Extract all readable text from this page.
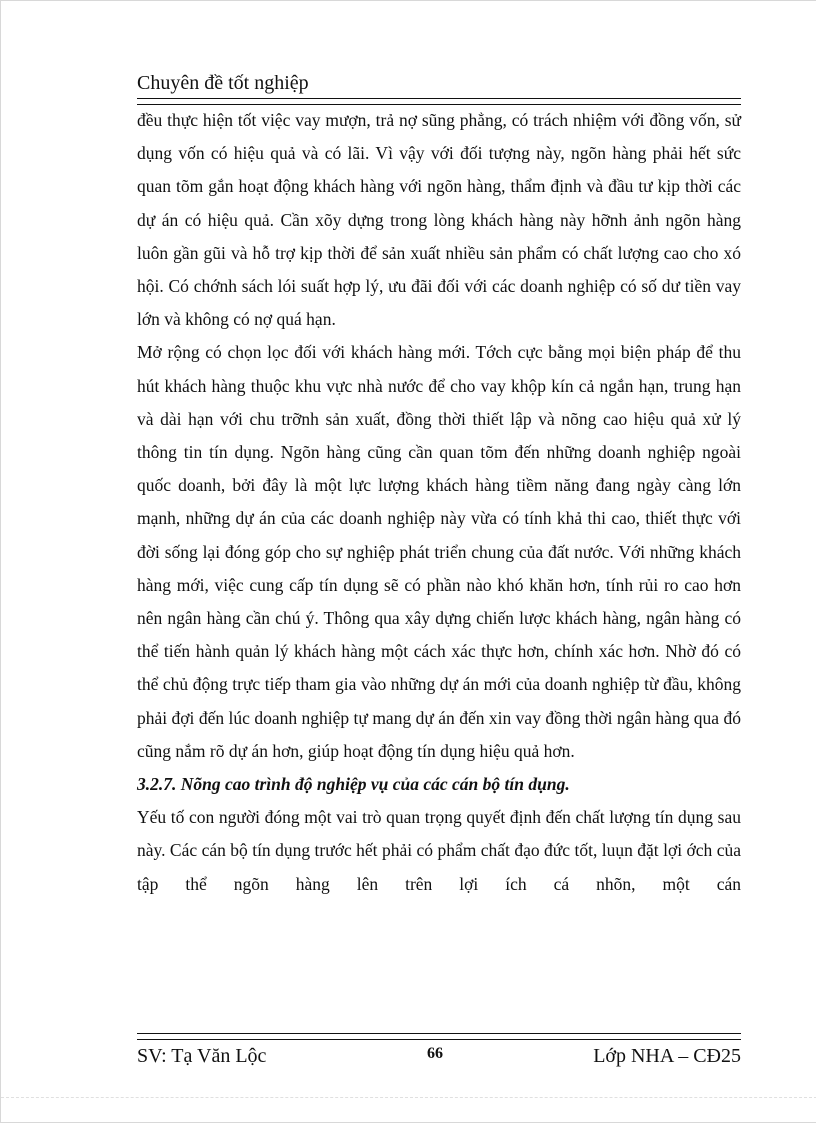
Chuyên đề tốt nghiệp

đều thực hiện tốt việc vay mượn, trả nợ sũng phẳng, có trách nhiệm với đồng vốn, sử dụng vốn có hiệu quả và có lãi. Vì vậy với đối tượng này, ngõn hàng phải hết sức quan tõm gắn hoạt động khách hàng với ngõn hàng, thẩm định và đầu tư kịp thời các dự án có hiệu quả. Cần xõy dựng trong lòng khách hàng này hỡnh ảnh ngõn hàng luôn gần gũi và hỗ trợ kịp thời để sản xuất nhiều sản phẩm có chất lượng cao cho xó hội. Có chớnh sách lói suất hợp lý, ưu đãi đối với các doanh nghiệp có số dư tiền vay lớn và không có nợ quá hạn.

Mở rộng có chọn lọc đối với khách hàng mới. Tớch cực bằng mọi biện pháp để thu hút khách hàng thuộc khu vực nhà nước để cho vay khộp kín cả ngắn hạn, trung hạn và dài hạn với chu trỡnh sản xuất, đồng thời thiết lập và nõng cao hiệu quả xử lý thông tin tín dụng. Ngõn hàng cũng cần quan tõm đến những doanh nghiệp ngoài quốc doanh, bởi đây là một lực lượng khách hàng tiềm năng đang ngày càng lớn mạnh, những dự án của các doanh nghiệp này vừa có tính khả thi cao, thiết thực với đời sống lại đóng góp cho sự nghiệp phát triển chung của đất nước. Với những khách hàng mới, việc cung cấp tín dụng sẽ có phần nào khó khăn hơn, tính rủi ro cao hơn nên ngân hàng cần chú ý. Thông qua xây dựng chiến lược khách hàng, ngân hàng có thể tiến hành quản lý khách hàng một cách xác thực hơn, chính xác hơn. Nhờ đó có thể chủ động trực tiếp tham gia vào những dự án mới của doanh nghiệp từ đầu, không phải đợi đến lúc doanh nghiệp tự mang dự án đến xin vay đồng thời ngân hàng qua đó cũng nắm rõ dự án hơn, giúp hoạt động tín dụng hiệu quả hơn.

3.2.7. Nõng cao trình độ nghiệp vụ của các cán bộ tín dụng.

Yếu tố con người đóng một vai trò quan trọng quyết định đến chất lượng tín dụng sau này. Các cán bộ tín dụng trước hết phải có phẩm chất đạo đức tốt, luụn đặt lợi ớch của tập thể ngõn hàng lên trên lợi ích cá nhõn, một cán

SV: Tạ Văn Lộc	66	Lớp NHA – CĐ25
